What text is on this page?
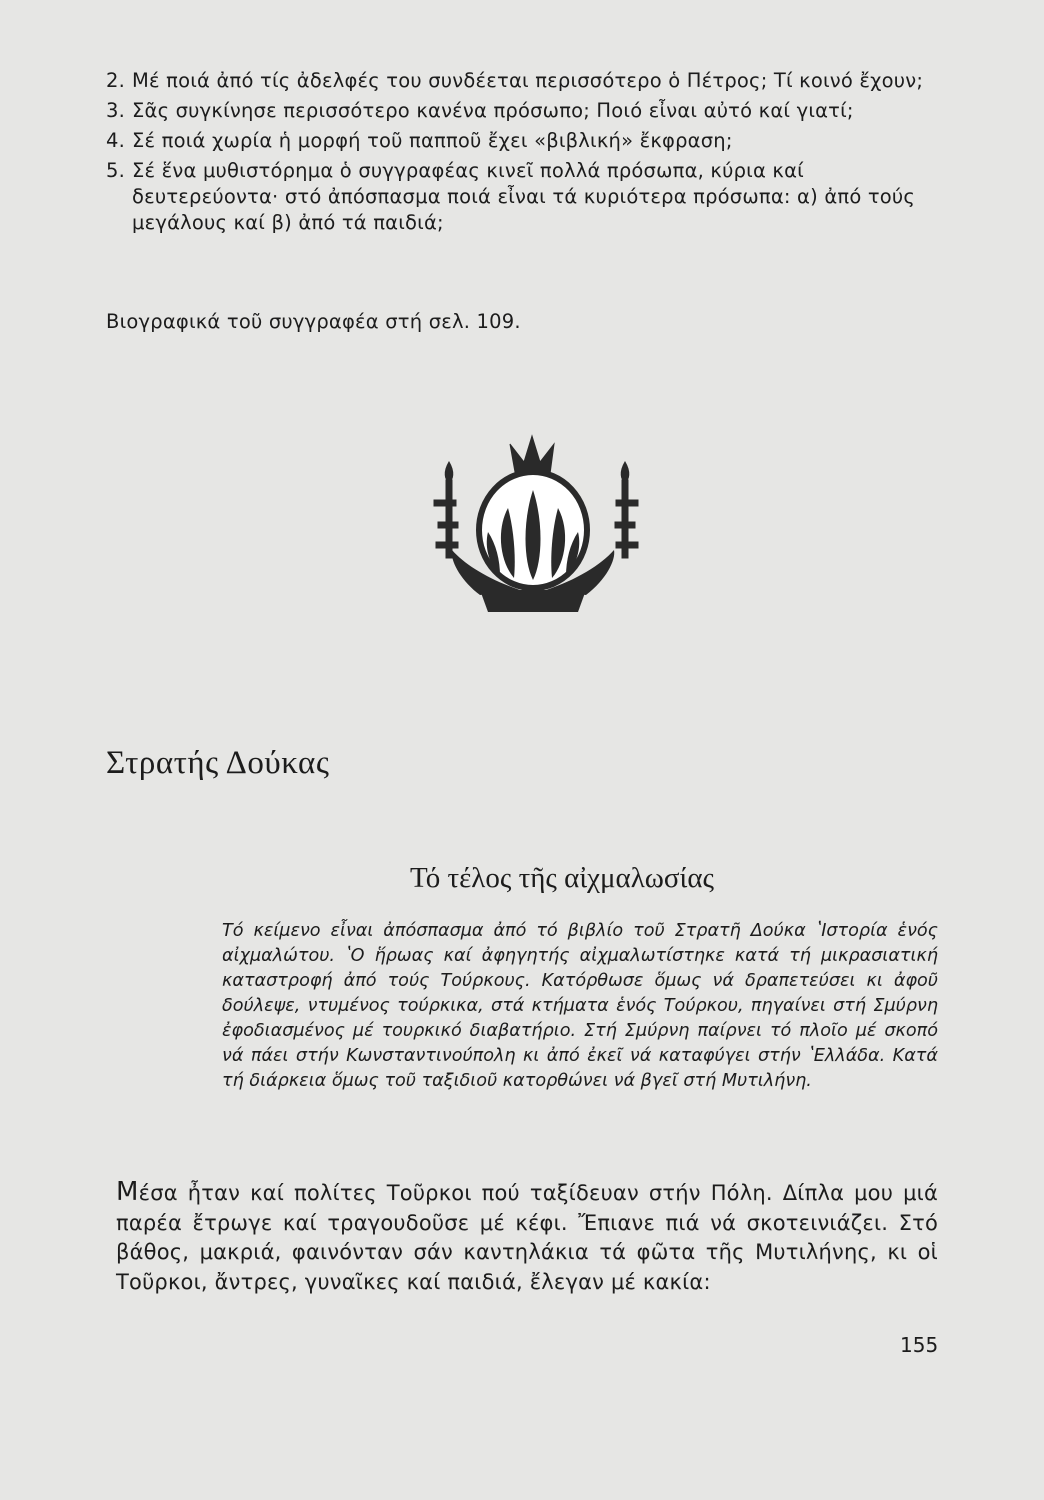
2. Μέ ποιά ἀπό τίς ἀδελφές του συνδέεται περισσότερο ὁ Πέτρος; Τί κοινό ἔχουν;
3. Σᾶς συγκίνησε περισσότερο κανένα πρόσωπο; Ποιό εἶναι αὐτό καί γιατί;
4. Σέ ποιά χωρία ἡ μορφή τοῦ παπποῦ ἔχει «βιβλική» ἔκφραση;
5. Σέ ἕνα μυθιστόρημα ὁ συγγραφέας κινεῖ πολλά πρόσωπα, κύρια καί δευτερεύοντα· στό ἀπόσπασμα ποιά εἶναι τά κυριότερα πρόσωπα: α) ἀπό τούς μεγάλους καί β) ἀπό τά παιδιά;
Βιογραφικά τοῦ συγγραφέα στή σελ. 109.
Στρατής Δούκας
Τό τέλος τῆς αἰχμαλωσίας
Τό κείμενο εἶναι ἀπόσπασμα ἀπό τό βιβλίο τοῦ Στρατῆ Δούκα ʽΙστορία ἑνός αἰχμαλώτου. ʽΟ ἥρωας καί ἀφηγητής αἰχμαλωτίστηκε κατά τή μικρασιατική καταστροφή ἀπό τούς Τούρκους. Κατόρθωσε ὅμως νά δραπετεύσει κι ἀφοῦ δούλεψε, ντυμένος τούρκικα, στά κτήματα ἑνός Τούρκου, πηγαίνει στή Σμύρνη ἐφοδιασμένος μέ τουρκικό διαβατήριο. Στή Σμύρνη παίρνει τό πλοῖο μέ σκοπό νά πάει στήν Κωνσταντινούπολη κι ἀπό ἐκεῖ νά καταφύγει στήν ʽΕλλάδα. Κατά τή διάρκεια ὅμως τοῦ ταξιδιοῦ κατορθώνει νά βγεῖ στή Μυτιλήνη.
Μέσα ἦταν καί πολίτες Τοῦρκοι πού ταξίδευαν στήν Πόλη. Δίπλα μου μιά παρέα ἔτρωγε καί τραγουδοῦσε μέ κέφι. Ἔπιανε πιά νά σκοτεινιάζει. Στό βάθος, μακριά, φαινόνταν σάν καντηλάκια τά φῶτα τῆς Μυτιλήνης, κι οἱ Τοῦρκοι, ἄντρες, γυναῖκες καί παιδιά, ἔλεγαν μέ κακία:
155
